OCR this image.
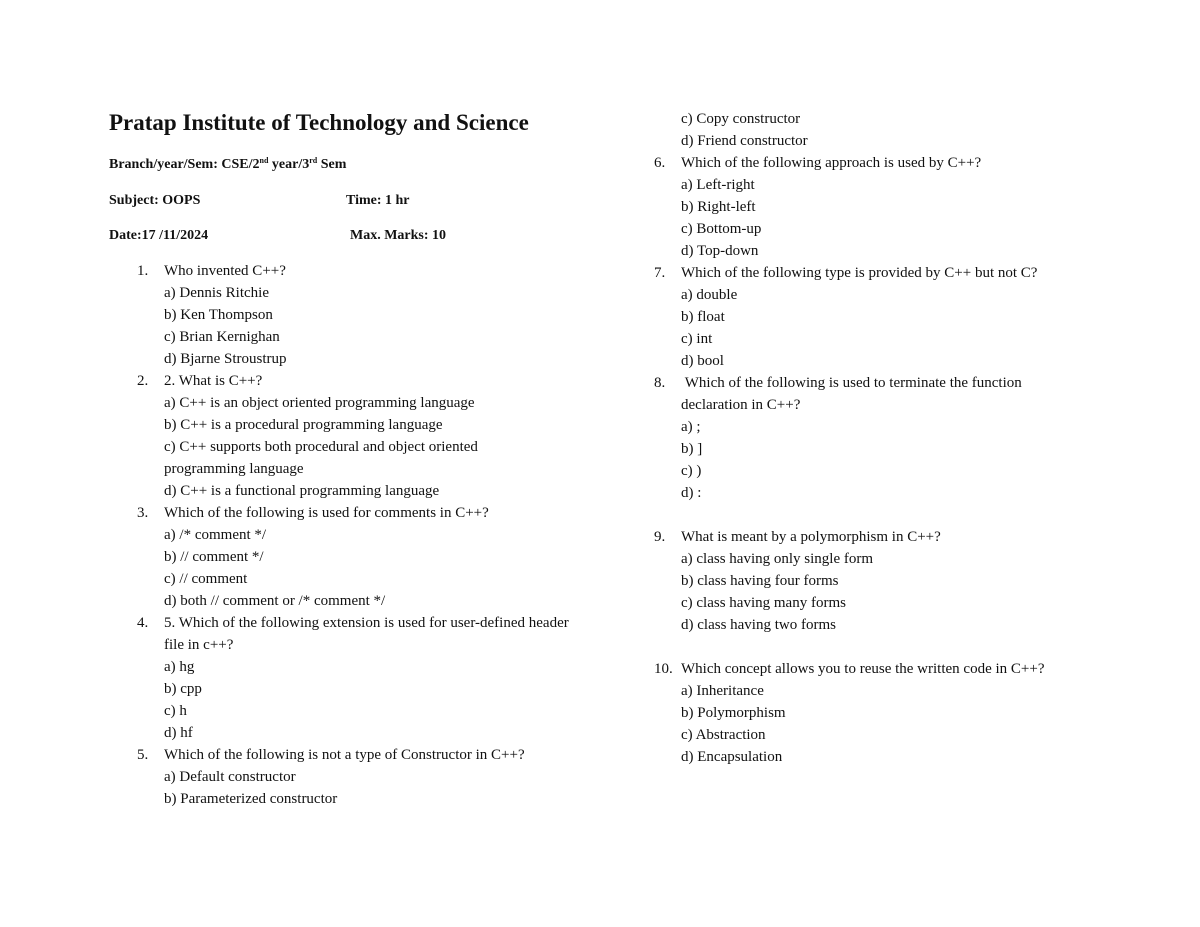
Pratap Institute of Technology and Science
Branch/year/Sem: CSE/2nd year/3rd Sem
Subject: OOPS	Time: 1 hr
Date:17 /11/2024	Max. Marks: 10
1.	Who invented C++?
a) Dennis Ritchie
b) Ken Thompson
c) Brian Kernighan
d) Bjarne Stroustrup
2.	2. What is C++?
a) C++ is an object oriented programming language
b) C++ is a procedural programming language
c) C++ supports both procedural and object oriented programming language
d) C++ is a functional programming language
3.	Which of the following is used for comments in C++?
a) /* comment */
b) // comment */
c) // comment
d) both // comment or /* comment */
4.	5. Which of the following extension is used for user-defined header file in c++?
a) hg
b) cpp
c) h
d) hf
5.	Which of the following is not a type of Constructor in C++?
a) Default constructor
b) Parameterized constructor
c) Copy constructor
d) Friend constructor
6.	Which of the following approach is used by C++?
a) Left-right
b) Right-left
c) Bottom-up
d) Top-down
7.	Which of the following type is provided by C++ but not C?
a) double
b) float
c) int
d) bool
8.	Which of the following is used to terminate the function declaration in C++?
a) ;
b) ]
c) )
d) :
9.	What is meant by a polymorphism in C++?
a) class having only single form
b) class having four forms
c) class having many forms
d) class having two forms
10. Which concept allows you to reuse the written code in C++?
a) Inheritance
b) Polymorphism
c) Abstraction
d) Encapsulation
